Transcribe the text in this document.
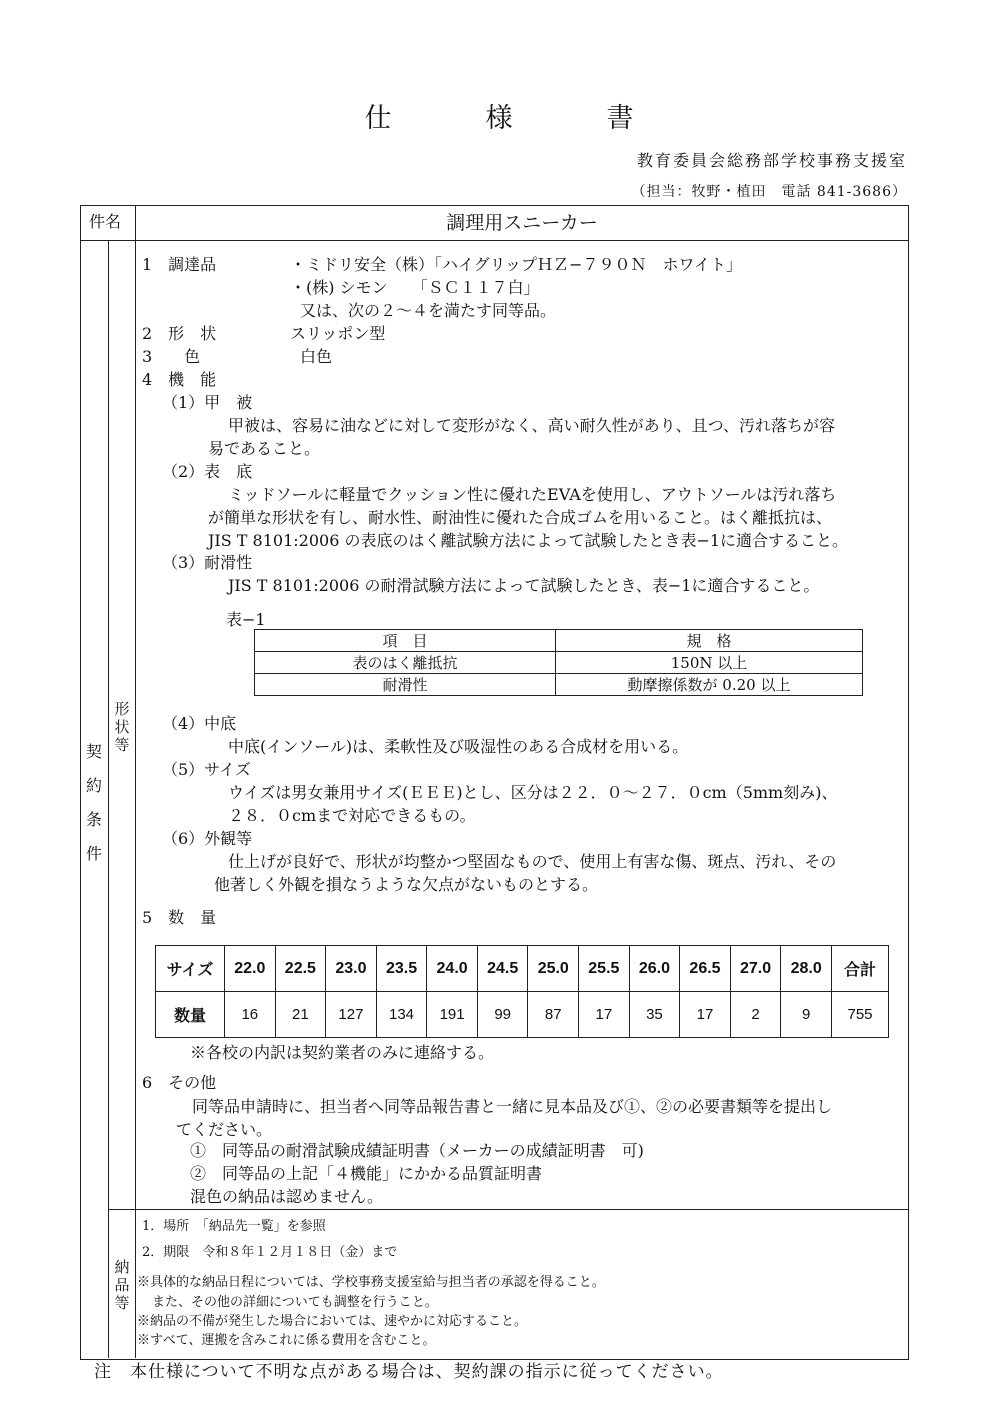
仕	様	書
教育委員会総務部学校事務支援室
（担当：牧野・植田　電話 841-3686）
件名	調理用スニーカー
契
約
条
件
形
状
等
納
品
等
1　調達品	・ミドリ安全（株）「ハイグリップＨＺ−７９０Ｎ　ホワイト」
・(株) シモン　　「ＳＣ１１７白」
又は、次の２〜４を満たす同等品。
2　形　状	スリッポン型
3　　色	白色
4　機　能
（1）甲　被
甲被は、容易に油などに対して変形がなく、高い耐久性があり、且つ、汚れ落ちが容
易であること。
（2）表　底
ミッドソールに軽量でクッション性に優れたEVAを使用し、アウトソールは汚れ落ち
が簡単な形状を有し、耐水性、耐油性に優れた合成ゴムを用いること。はく離抵抗は、
JIS T 8101:2006 の表底のはく離試験方法によって試験したとき表−1に適合すること。
（3）耐滑性
JIS T 8101:2006 の耐滑試験方法によって試験したとき、表−1に適合すること。
表−1
項　目	規　格
表のはく離抵抗	150N 以上
耐滑性	動摩擦係数が 0.20 以上
（4）中底
中底(インソール)は、柔軟性及び吸湿性のある合成材を用いる。
（5）サイズ
ウイズは男女兼用サイズ(ＥＥＥ)とし、区分は２２．０〜２７．０cm（5mm刻み)、
２８．０cmまで対応できるもの。
（6）外観等
仕上げが良好で、形状が均整かつ堅固なもので、使用上有害な傷、斑点、汚れ、その
他著しく外観を損なうような欠点がないものとする。
5　数　量
サイズ	22.0	22.5	23.0	23.5	24.0	24.5	25.0	25.5	26.0	26.5	27.0	28.0	合計
数量	16	21	127	134	191	99	87	17	35	17	2	9	755
※各校の内訳は契約業者のみに連絡する。
6　その他
同等品申請時に、担当者へ同等品報告書と一緒に見本品及び①、②の必要書類等を提出し
てください。
①　同等品の耐滑試験成績証明書（メーカーの成績証明書　可)
②　同等品の上記「４機能」にかかる品質証明書
混色の納品は認めません。
1．場所　「納品先一覧」を参照
2．期限　令和８年１２月１８日（金）まで
※具体的な納品日程については、学校事務支援室給与担当者の承認を得ること。
また、その他の詳細についても調整を行うこと。
※納品の不備が発生した場合においては、速やかに対応すること。
※すべて、運搬を含みこれに係る費用を含むこと。
注　本仕様について不明な点がある場合は、契約課の指示に従ってください。
